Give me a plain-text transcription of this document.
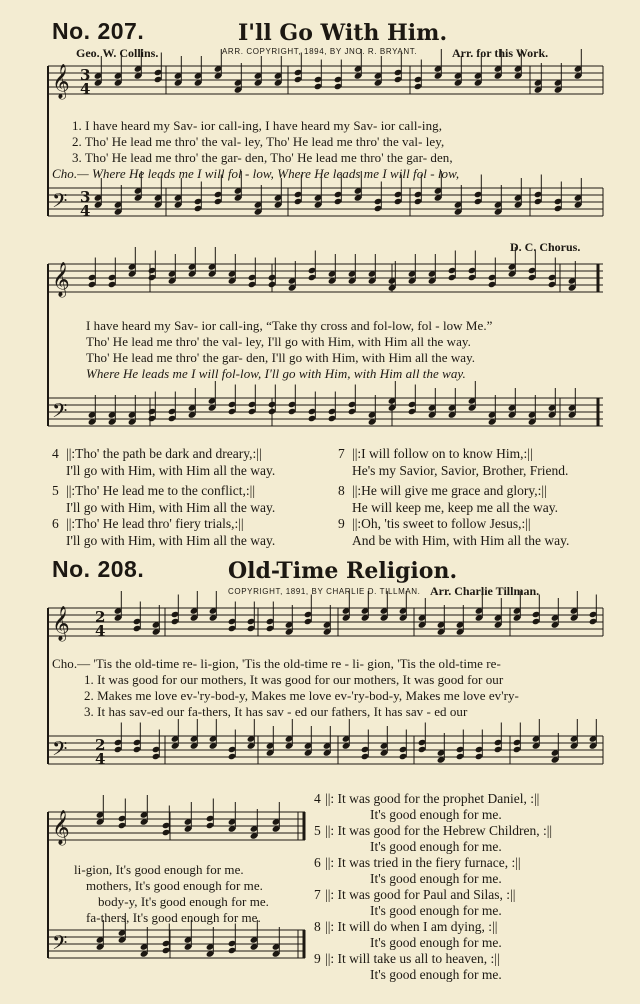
𝄞
𝄢
𝄞
𝄢
𝄞
𝄢
𝄞
𝄢
3
4
3
4
2
4
2
4
No. 207.	I'll Go With Him.
Geo. W. Collins.	ARR. COPYRIGHT, 1894, BY JNO. R. BRYANT.	Arr. for this Work.
1. I have heard my Sav- ior call-ing, I have heard my Sav- ior call-ing,
2. Tho' He lead me thro' the val- ley, Tho' He lead me thro' the val- ley,
3. Tho' He lead me thro' the gar- den, Tho' He lead me thro' the gar- den,
Cho.— Where He leads me I will fol - low, Where He leads me I will fol - low,
D. C. Chorus.
I have heard my Sav- ior call-ing, “Take thy cross and fol-low, fol - low Me.”
Tho' He lead me thro' the val- ley, I'll go with Him, with Him all the way.
Tho' He lead me thro' the gar- den, I'll go with Him, with Him all the way.
Where He leads me I will fol-low, I'll go with Him, with Him all the way.
4 ||:Tho' the path be dark and dreary,:||
I'll go with Him, with Him all the way.
5 ||:Tho' He lead me to the conflict,:||
I'll go with Him, with Him all the way.
6 ||:Tho' He lead thro' fiery trials,:||
I'll go with Him, with Him all the way.
7 ||:I will follow on to know Him,:||
He's my Savior, Savior, Brother, Friend.
8 ||:He will give me grace and glory,:||
He will keep me, keep me all the way.
9 ||:Oh, 'tis sweet to follow Jesus,:||
And be with Him, with Him all the way.
No. 208.	Old-Time Religion.
COPYRIGHT, 1891, BY CHARLIE D. TILLMAN. Arr. Charlie Tillman.
Cho.— 'Tis the old-time re- li-gion, 'Tis the old-time re - li- gion, 'Tis the old-time re-
1. It was good for our mothers, It was good for our mothers, It was good for our
2. Makes me love ev-'ry-bod-y, Makes me love ev-'ry-bod-y, Makes me love ev'ry-
3. It has sav-ed our fa-thers, It has sav - ed our fathers, It has sav - ed our
li-gion, It's good enough for me.
mothers, It's good enough for me.
body-y, It's good enough for me.
fa-thers, It's good enough for me.
4 ||: It was good for the prophet Daniel, :||
It's good enough for me.
5 ||: It was good for the Hebrew Children, :||
It's good enough for me.
6 ||: It was tried in the fiery furnace, :||
It's good enough for me.
7 ||: It was good for Paul and Silas, :||
It's good enough for me.
8 ||: It will do when I am dying, :||
It's good enough for me.
9 ||: It will take us all to heaven, :||
It's good enough for me.
